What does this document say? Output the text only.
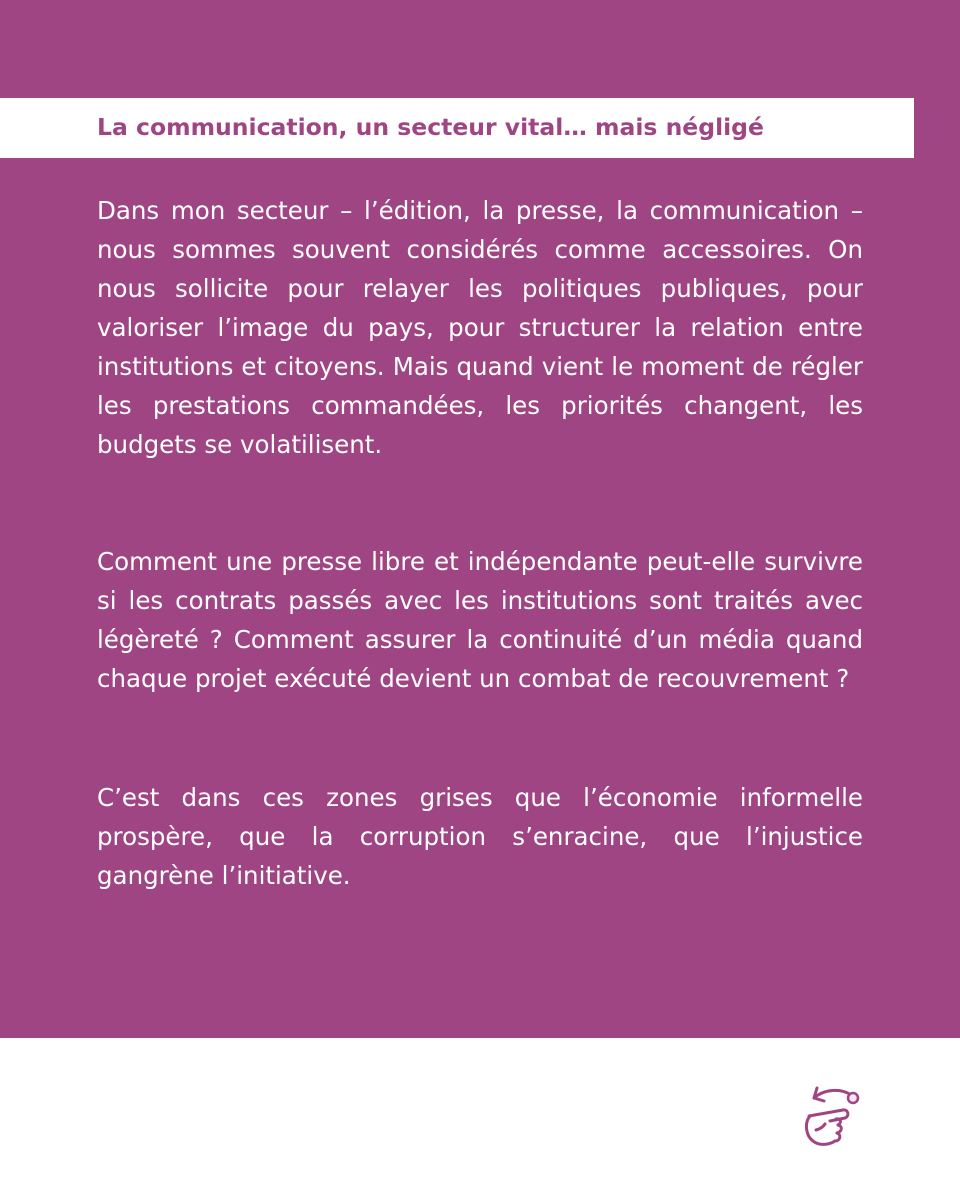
La communication, un secteur vital… mais négligé

Dans mon secteur – l’édition, la presse, la communication – nous sommes souvent considérés comme accessoires. On nous sollicite pour relayer les politiques publiques, pour valoriser l’image du pays, pour structurer la relation entre institutions et citoyens. Mais quand vient le moment de régler les prestations commandées, les priorités changent, les budgets se volatilisent.

Comment une presse libre et indépendante peut-elle survivre si les contrats passés avec les institutions sont traités avec légèreté ? Comment assurer la continuité d’un média quand chaque projet exécuté devient un combat de recouvrement ?

C’est dans ces zones grises que l’économie informelle prospère, que la corruption s’enracine, que l’injustice gangrène l’initiative.
